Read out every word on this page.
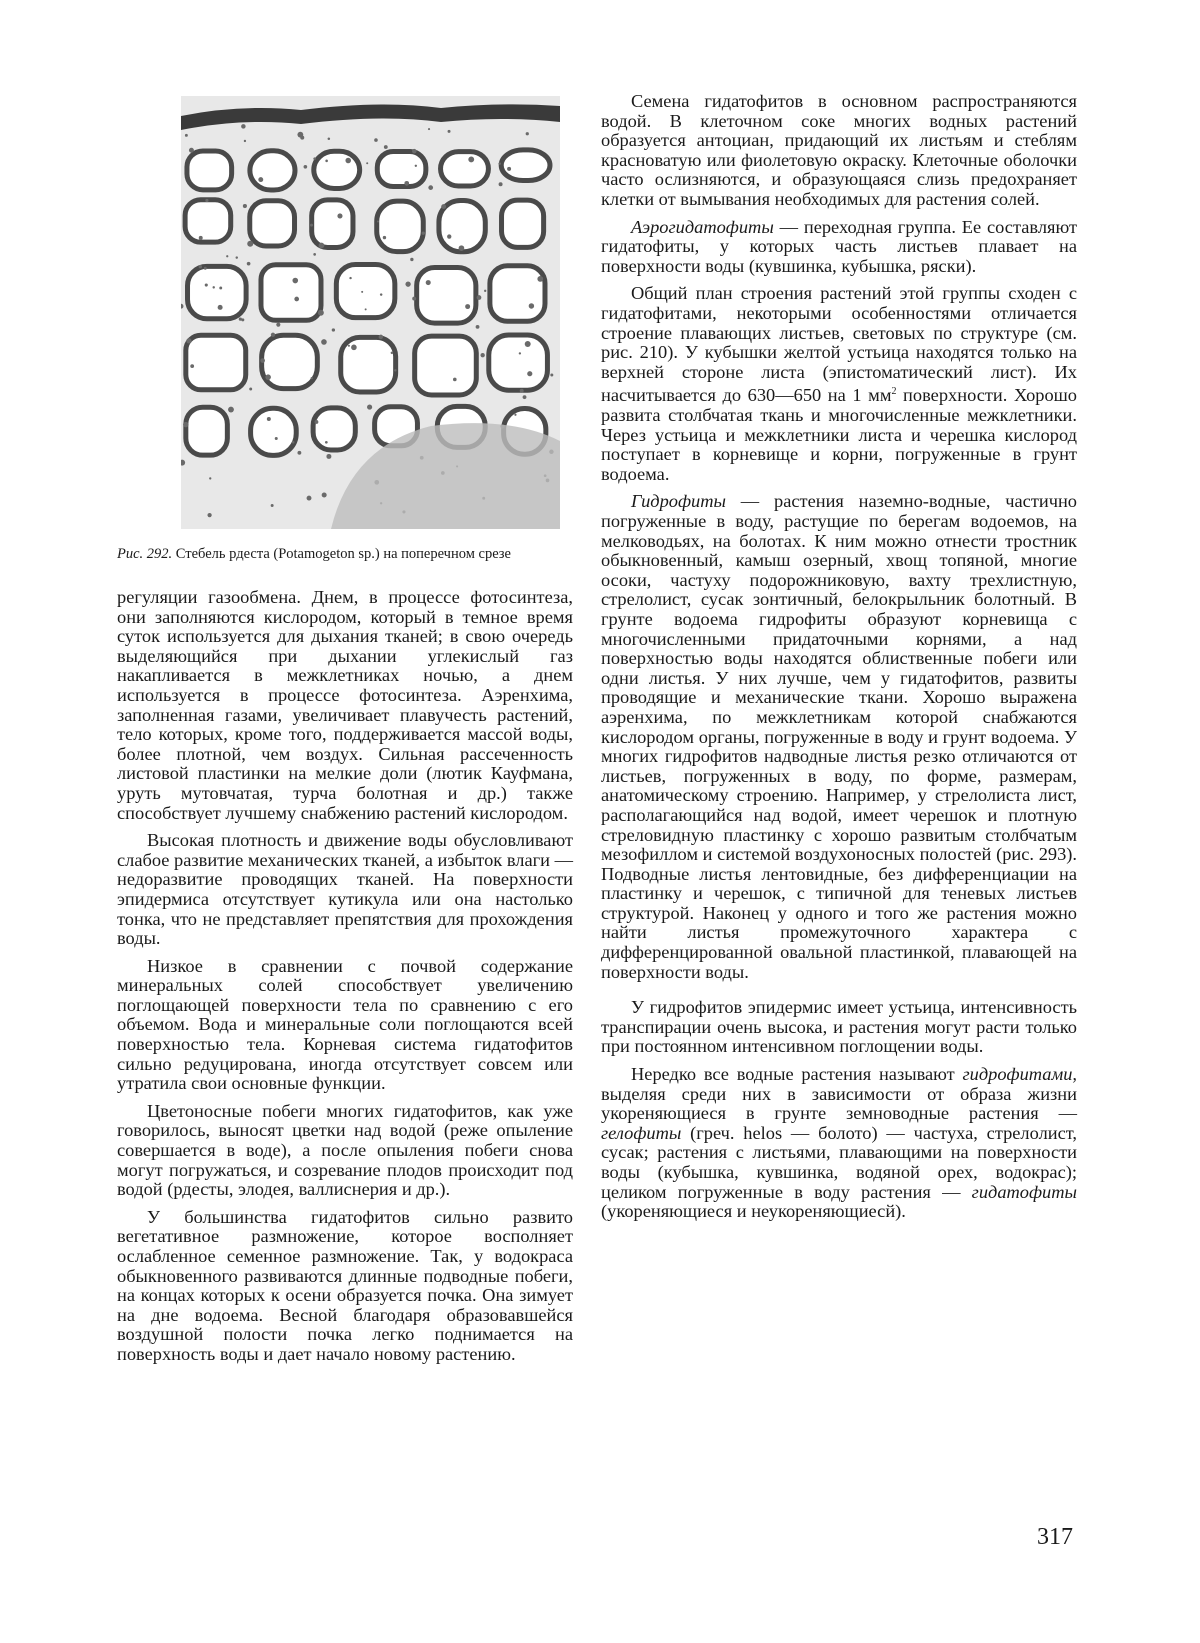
Рис. 292. Стебель рдеста (Potamogeton sp.) на поперечном срезе

регуляции газообмена. Днем, в процессе фотосинтеза, они заполняются кислородом, который в темное время суток используется для дыхания тканей; в свою очередь выделяющийся при дыхании углекислый газ накапливается в межклетниках ночью, а днем используется в процессе фотосинтеза. Аэренхима, заполненная газами, увеличивает плавучесть растений, тело которых, кроме того, поддерживается массой воды, более плотной, чем воздух. Сильная рассеченность листовой пластинки на мелкие доли (лютик Кауфмана, уруть мутовчатая, турча болотная и др.) также способствует лучшему снабжению растений кислородом.

Высокая плотность и движение воды обусловливают слабое развитие механических тканей, а избыток влаги — недоразвитие проводящих тканей. На поверхности эпидермиса отсутствует кутикула или она настолько тонка, что не представляет препятствия для прохождения воды.

Низкое в сравнении с почвой содержание минеральных солей способствует увеличению поглощающей поверхности тела по сравнению с его объемом. Вода и минеральные соли поглощаются всей поверхностью тела. Корневая система гидатофитов сильно редуцирована, иногда отсутствует совсем или утратила свои основные функции.

Цветоносные побеги многих гидатофитов, как уже говорилось, выносят цветки над водой (реже опыление совершается в воде), а после опыления побеги снова могут погружаться, и созревание плодов происходит под водой (рдесты, элодея, валлиснерия и др.).

У большинства гидатофитов сильно развито вегетативное размножение, которое восполняет ослабленное семенное размножение. Так, у водокраса обыкновенного развиваются длинные подводные побеги, на концах которых к осени образуется почка. Она зимует на дне водоема. Весной благодаря образовавшейся воздушной полости почка легко поднимается на поверхность воды и дает начало новому растению.

Семена гидатофитов в основном распространяются водой. В клеточном соке многих водных растений образуется антоциан, придающий их листьям и стеблям красноватую или фиолетовую окраску. Клеточные оболочки часто ослизняются, и образующаяся слизь предохраняет клетки от вымывания необходимых для растения солей.

Аэрогидатофиты — переходная группа. Ее составляют гидатофиты, у которых часть листьев плавает на поверхности воды (кувшинка, кубышка, ряски).

Общий план строения растений этой группы сходен с гидатофитами, некоторыми особенностями отличается строение плавающих листьев, световых по структуре (см. рис. 210). У кубышки желтой устьица находятся только на верхней стороне листа (эпистоматический лист). Их насчитывается до 630—650 на 1 $мм^2$ поверхности. Хорошо развита столбчатая ткань и многочисленные межклетники. Через устьица и межклетники листа и черешка кислород поступает в корневище и корни, погруженные в грунт водоема.

Гидрофиты — растения наземно-водные, частично погруженные в воду, растущие по берегам водоемов, на мелководьях, на болотах. К ним можно отнести тростник обыкновенный, камыш озерный, хвощ топяной, многие осоки, частуху подорожниковую, вахту трехлистную, стрелолист, сусак зонтичный, белокрыльник болотный. В грунте водоема гидрофиты образуют корневища с многочисленными придаточными корнями, а над поверхностью воды находятся облиственные побеги или одни листья. У них лучше, чем у гидатофитов, развиты проводящие и механические ткани. Хорошо выражена аэренхима, по межклетникам которой снабжаются кислородом органы, погруженные в воду и грунт водоема. У многих гидрофитов надводные листья резко отличаются от листьев, погруженных в воду, по форме, размерам, анатомическому строению. Например, у стрелолиста лист, располагающийся над водой, имеет черешок и плотную стреловидную пластинку с хорошо развитым столбчатым мезофиллом и системой воздухоносных полостей (рис. 293). Подводные листья лентовидные, без дифференциации на пластинку и черешок, с типичной для теневых листьев структурой. Наконец у одного и того же растения можно найти листья промежуточного характера с дифференцированной овальной пластинкой, плавающей на поверхности воды.

У гидрофитов эпидермис имеет устьица, интенсивность транспирации очень высока, и растения могут расти только при постоянном интенсивном поглощении воды.

Нередко все водные растения называют гидрофитами, выделяя среди них в зависимости от образа жизни укореняющиеся в грунте земноводные растения — гелофиты (греч. helos — болото) — частуха, стрелолист, сусак; растения с листьями, плавающими на поверхности воды (кубышка, кувшинка, водяной орех, водокрас); целиком погруженные в воду растения — гидатофиты (укореняющиеся и неукореняющиесй).

317
